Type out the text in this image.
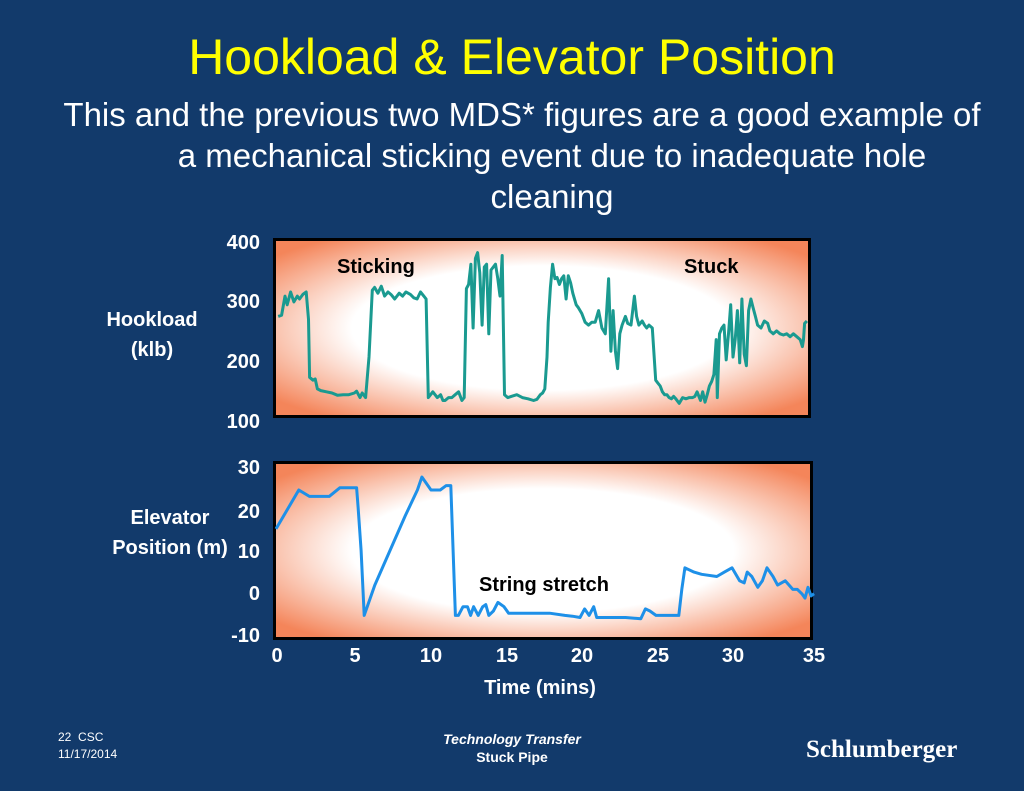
Hookload & Elevator Position
This and the previous two MDS* figures are a good example of a mechanical sticking event due to inadequate hole cleaning
Hookload (klb)
Elevator Position (m)
Time (mins)
400
300
200
100
30
20
10
0
-10
0	5	10	15	20	25	30	35
Sticking	Stuck
String stretch
22 CSC
11/17/2014
Technology Transfer
Stuck Pipe	Schlumberger
